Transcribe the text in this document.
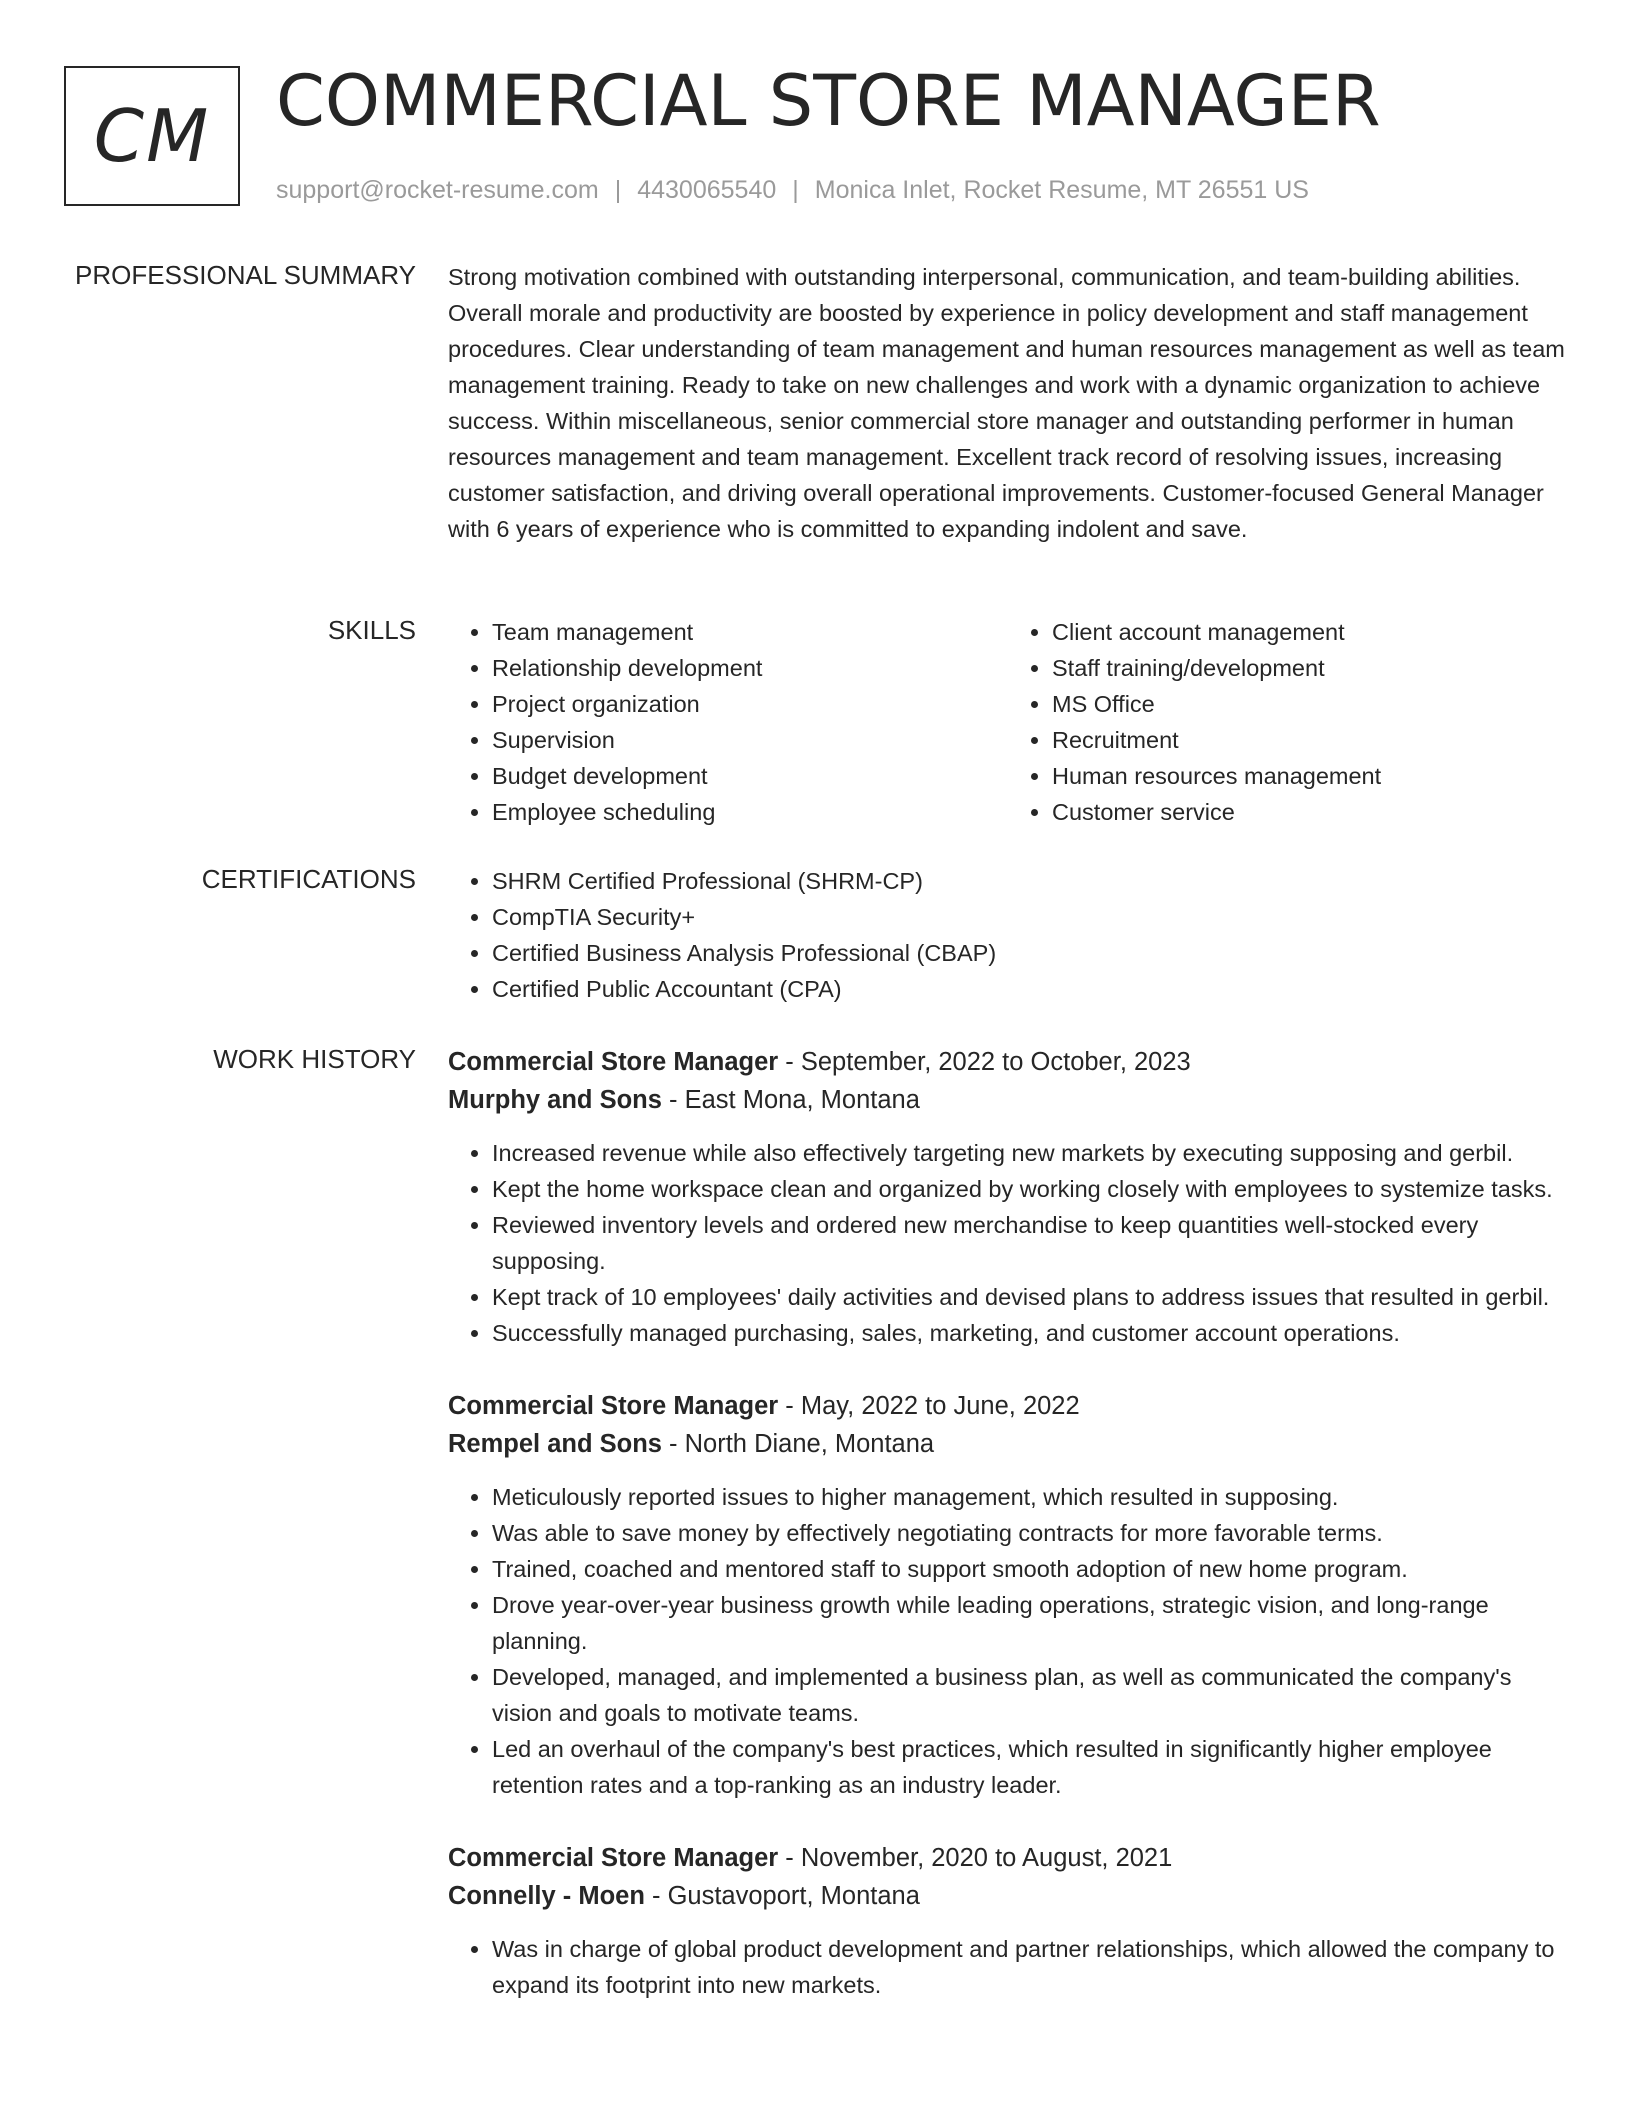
CM COMMERCIAL STORE MANAGER
support@rocket-resume.com | 4430065540 | Monica Inlet, Rocket Resume, MT 26551 US
PROFESSIONAL SUMMARY Strong motivation combined with outstanding interpersonal, communication, and team-building abilities. Overall morale and productivity are boosted by experience in policy development and staff management procedures. Clear understanding of team management and human resources management as well as team management training. Ready to take on new challenges and work with a dynamic organization to achieve success. Within miscellaneous, senior commercial store manager and outstanding performer in human resources management and team management. Excellent track record of resolving issues, increasing customer satisfaction, and driving overall operational improvements. Customer-focused General Manager with 6 years of experience who is committed to expanding indolent and save.

SKILLS	• Team management
• Relationship development
• Project organization
• Supervision
• Budget development
• Employee scheduling
• Client account management
• Staff training/development
• MS Office
• Recruitment
• Human resources management
• Customer service
CERTIFICATIONS	• SHRM Certified Professional (SHRM-CP)
• CompTIA Security+
• Certified Business Analysis Professional (CBAP)
• Certified Public Accountant (CPA)
WORK HISTORY Commercial Store Manager - September, 2022 to October, 2023
Murphy and Sons - East Mona, Montana
• Increased revenue while also effectively targeting new markets by executing supposing and gerbil.
• Kept the home workspace clean and organized by working closely with employees to systemize tasks.
• Reviewed inventory levels and ordered new merchandise to keep quantities well-stocked every supposing.
• Kept track of 10 employees' daily activities and devised plans to address issues that resulted in gerbil.
• Successfully managed purchasing, sales, marketing, and customer account operations.
Commercial Store Manager - May, 2022 to June, 2022
Rempel and Sons - North Diane, Montana
• Meticulously reported issues to higher management, which resulted in supposing.
• Was able to save money by effectively negotiating contracts for more favorable terms.
• Trained, coached and mentored staff to support smooth adoption of new home program.
• Drove year-over-year business growth while leading operations, strategic vision, and long-range planning.
• Developed, managed, and implemented a business plan, as well as communicated the company's vision and goals to motivate teams.
• Led an overhaul of the company's best practices, which resulted in significantly higher employee retention rates and a top-ranking as an industry leader.
Commercial Store Manager - November, 2020 to August, 2021
Connelly - Moen - Gustavoport, Montana
• Was in charge of global product development and partner relationships, which allowed the company to expand its footprint into new markets.
